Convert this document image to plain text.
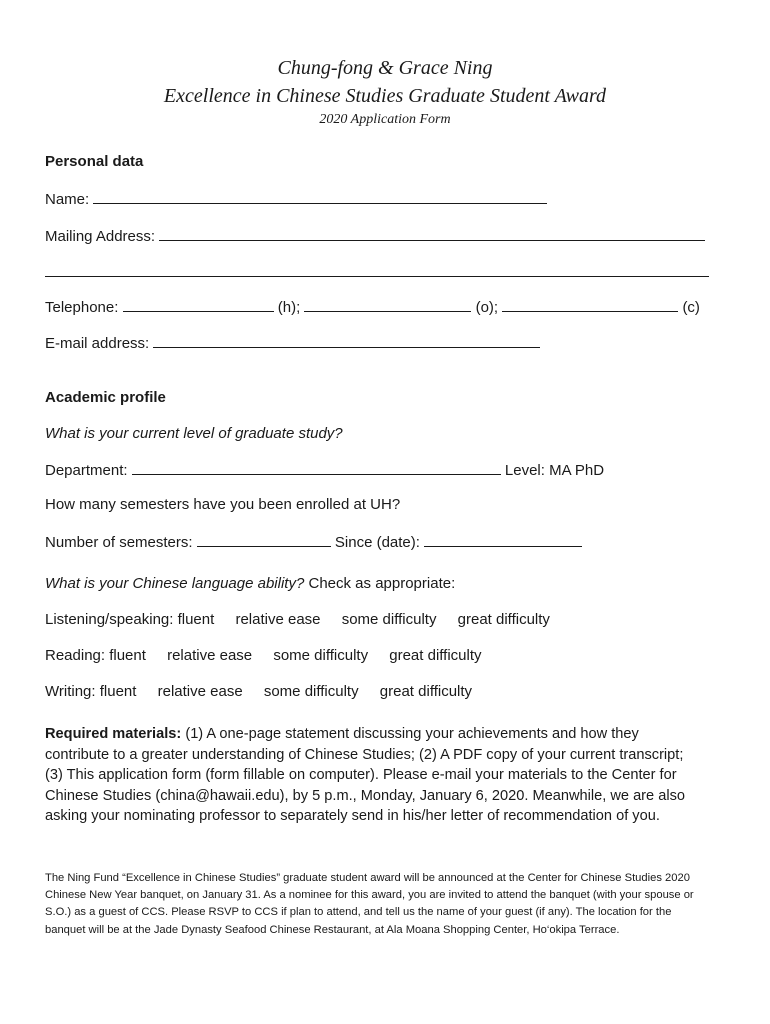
Chung-fong & Grace Ning
Excellence in Chinese Studies Graduate Student Award
2020 Application Form
Personal data
Name:
Mailing Address:
Telephone:	(h);	(o);	(c)
E-mail address:
Academic profile
What is your current level of graduate study?
Department:	Level: MA PhD
How many semesters have you been enrolled at UH?
Number of semesters:	Since (date):
What is your Chinese language ability? Check as appropriate:
Listening/speaking: fluent relative ease some difficulty great difficulty
Reading: fluent relative ease some difficulty great difficulty
Writing: fluent relative ease some difficulty great difficulty
Required materials: (1) A one-page statement discussing your achievements and how they contribute to a greater understanding of Chinese Studies; (2) A PDF copy of your current transcript; (3) This application form (form fillable on computer). Please e-mail your materials to the Center for Chinese Studies (china@hawaii.edu), by 5 p.m., Monday, January 6, 2020. Meanwhile, we are also asking your nominating professor to separately send in his/her letter of recommendation of you.
The Ning Fund “Excellence in Chinese Studies” graduate student award will be announced at the Center for Chinese Studies 2020 Chinese New Year banquet, on January 31. As a nominee for this award, you are invited to attend the banquet (with your spouse or S.O.) as a guest of CCS. Please RSVP to CCS if plan to attend, and tell us the name of your guest (if any). The location for the banquet will be at the Jade Dynasty Seafood Chinese Restaurant, at Ala Moana Shopping Center, Ho‘okipa Terrace.
